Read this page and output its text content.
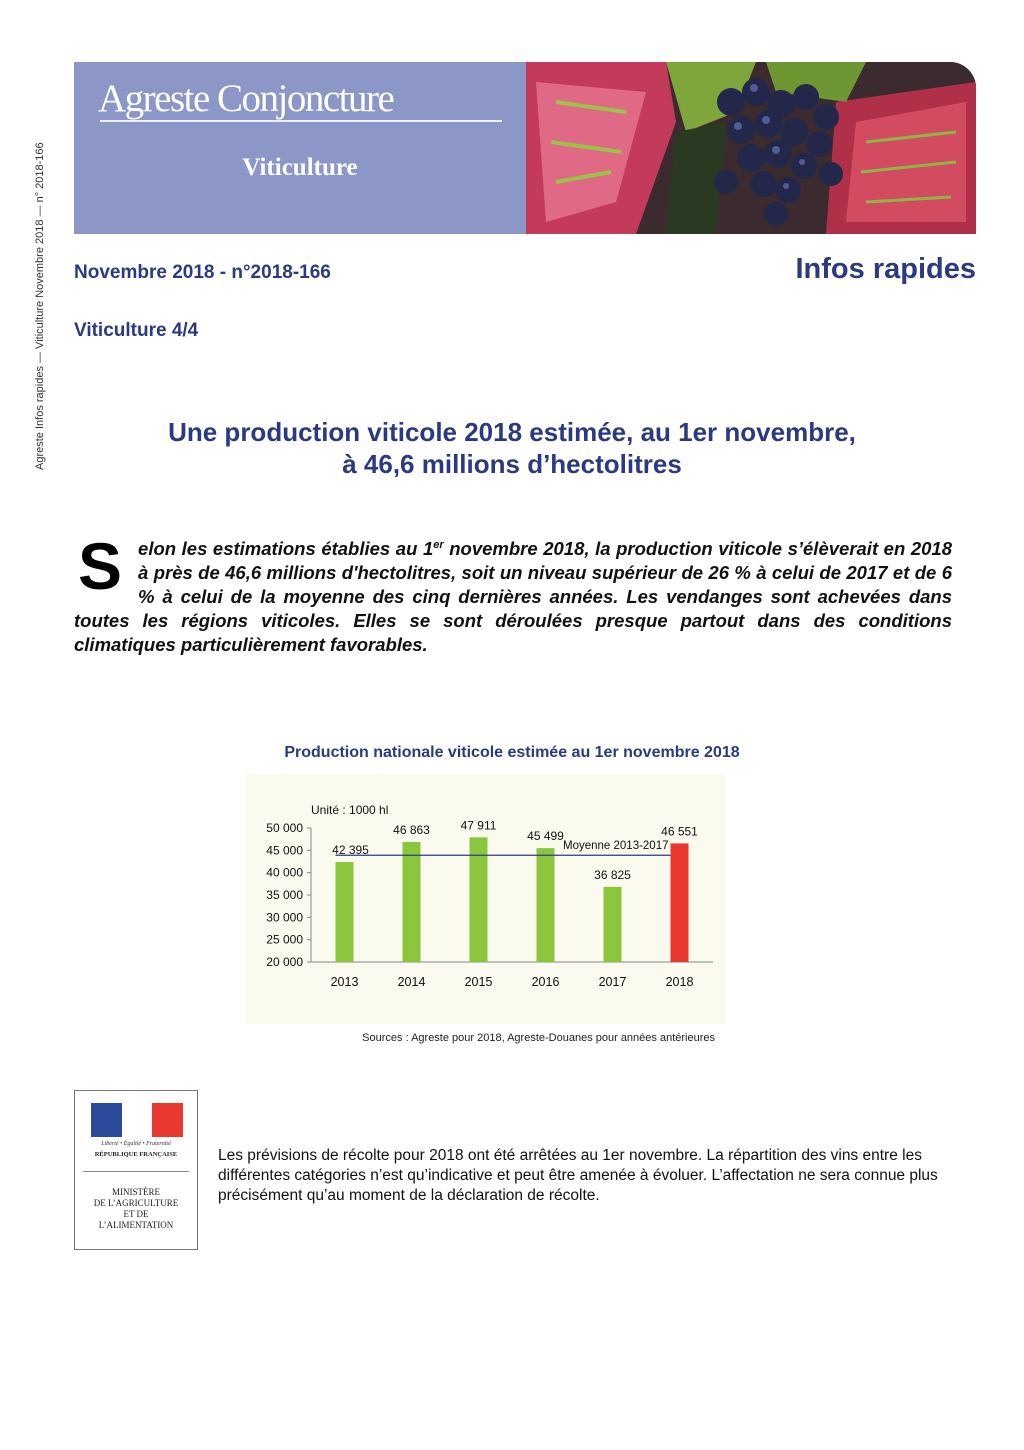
Agreste Infos rapides — Viticulture Novembre 2018 — n° 2018-166
Agreste Conjoncture
Viticulture
Novembre 2018 - n°2018-166	Infos rapides
Viticulture 4/4
Une production viticole 2018 estimée, au 1er novembre,
à 46,6 millions d’hectolitres
Selon les estimations établies au 1er novembre 2018, la production viticole s’élèverait en 2018 à près de 46,6 millions d'hectolitres, soit un niveau supérieur de 26 % à celui de 2017 et de 6 % à celui de la moyenne des cinq dernières années. Les vendanges sont achevées dans toutes les régions viticoles. Elles se sont déroulées presque partout dans des conditions climatiques particulièrement favorables.
Production nationale viticole estimée au 1er novembre 2018
Unité : 1000 hl
20 000
25 000
30 000
35 000
40 000
45 000
50 000
2013
42 395
2014
46 863
2015
47 911
2016
45 499
2017
36 825
2018
46 551
Moyenne 2013-2017
Sources : Agreste pour 2018, Agreste-Douanes pour années antérieures
Liberté • Égalité • Fraternité
RÉPUBLIQUE FRANÇAISE
MINISTÈRE
DE L’AGRICULTURE
ET DE
L’ALIMENTATION
Les prévisions de récolte pour 2018 ont été arrêtées au 1er novembre. La répartition des vins entre les différentes catégories n’est qu’indicative et peut être amenée à évoluer. L’affectation ne sera connue plus précisément qu’au moment de la déclaration de récolte.
